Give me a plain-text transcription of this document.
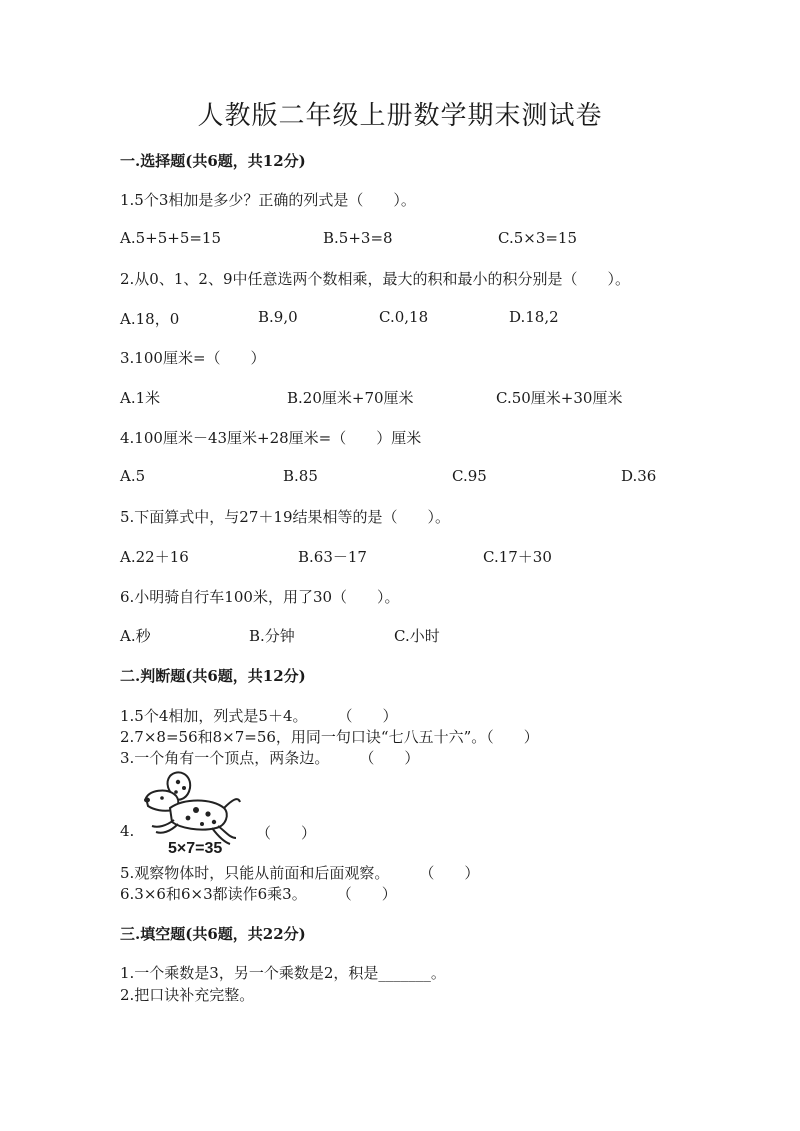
人教版二年级上册数学期末测试卷
一.选择题(共6题，共12分)
1.5个3相加是多少？正确的列式是（　　）。
A.5+5+5=15	B.5+3=8	C.5×3=15
2.从0、1、2、9中任意选两个数相乘，最大的积和最小的积分别是（　　）。
A.18，0	B.9,0	C.0,18	D.18,2
3.100厘米=（　　）
A.1米	B.20厘米+70厘米	C.50厘米+30厘米
4.100厘米－43厘米+28厘米=（　　）厘米
A.5	B.85	C.95	D.36
5.下面算式中，与27＋19结果相等的是（　　）。
A.22＋16	B.63－17	C.17＋30
6.小明骑自行车100米，用了30（　　）。
A.秒	B.分钟	C.小时
二.判断题(共6题，共12分)
1.5个4相加，列式是5＋4。　　　（　　）
2.7×8=56和8×7=56，用同一句口诀“七八五十六”。（　　）
3.一个角有一个顶点，两条边。　　　（　　）
4.	（　　）
5×7=35
5.观察物体时，只能从前面和后面观察。　　　（　　）
6.3×6和6×3都读作6乘3。　　　（　　）
三.填空题(共6题，共22分)
1.一个乘数是3，另一个乘数是2，积是_______。
2.把口诀补充完整。
